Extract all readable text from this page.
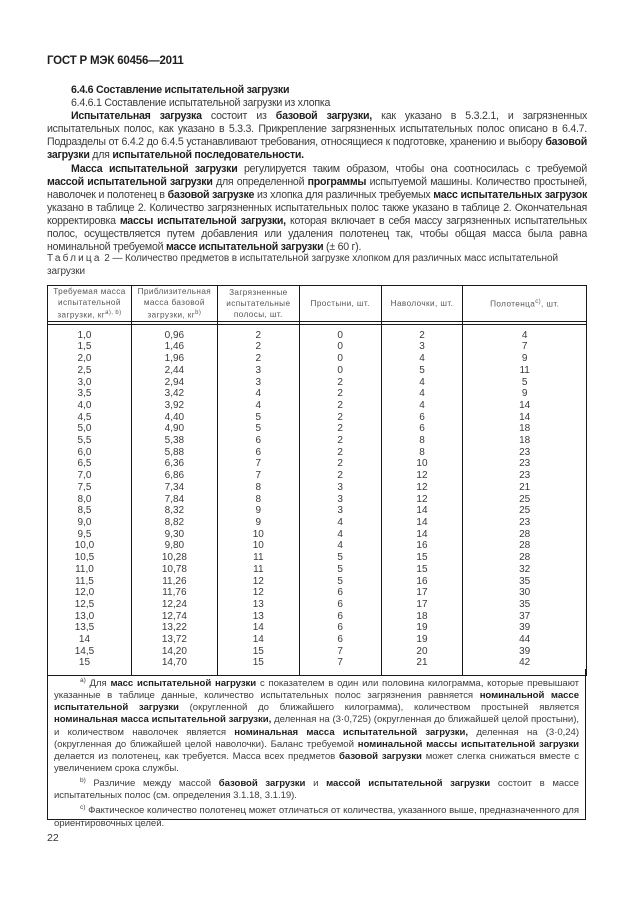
ГОСТ Р МЭК 60456—2011

6.4.6 Составление испытательной загрузки

6.4.6.1 Составление испытательной загрузки из хлопка

Испытательная загрузка состоит из базовой загрузки, как указано в 5.3.2.1, и загрязненных испытательных полос, как указано в 5.3.3. Прикрепление загрязненных испытательных полос описано в 6.4.7. Подразделы от 6.4.2 до 6.4.5 устанавливают требования, относящиеся к подготовке, хранению и выбору базовой загрузки для испытательной последовательности.

Масса испытательной загрузки регулируется таким образом, чтобы она соотносилась с требуемой массой испытательной загрузки для определенной программы испытуемой машины. Количество простыней, наволочек и полотенец в базовой загрузке из хлопка для различных требуемых масс испытательных загрузок указано в таблице 2. Количество загрязненных испытательных полос также указано в таблице 2. Окончательная корректировка массы испытательной загрузки, которая включает в себя массу загрязненных испытательных полос, осуществляется путем добавления или удаления полотенец так, чтобы общая масса была равна номинальной требуемой массе испытательной загрузки (± 60 г).

Таблица 2 — Количество предметов в испытательной загрузке хлопком для различных масс испытательной загрузки
Требуемая масса испытательной загрузки, $кг^{a), b)}$	Приблизительная масса базовой загрузки, $кг^{b)}$	Загрязненные испытательные полосы, шт.	Простыни, шт.	Наволочки, шт.	Полотенца$^{c)}$, шт.

1,0	0,96	2	0	2	4
1,5	1,46	2	0	3	7
2,0	1,96	2	0	4	9
2,5	2,44	3	0	5	11
3,0	2,94	3	2	4	5
3,5	3,42	4	2	4	9
4,0	3,92	4	2	4	14
4,5	4,40	5	2	6	14
5,0	4,90	5	2	6	18
5,5	5,38	6	2	8	18
6,0	5,88	6	2	8	23
6,5	6,36	7	2	10	23
7,0	6,86	7	2	12	23
7,5	7,34	8	3	12	21
8,0	7,84	8	3	12	25
8,5	8,32	9	3	14	25
9,0	8,82	9	4	14	23
9,5	9,30	10	4	14	28
10,0	9,80	10	4	16	28
10,5	10,28	11	5	15	28
11,0	10,78	11	5	15	32
11,5	11,26	12	5	16	35
12,0	11,76	12	6	17	30
12,5	12,24	13	6	17	35
13,0	12,74	13	6	18	37
13,5	13,22	14	6	19	39
14	13,72	14	6	19	44
14,5	14,20	15	7	20	39
15	14,70	15	7	21	42

$^{a)}$ Для масс испытательной нагрузки с показателем в один или половина килограмма, которые превышают указанные в таблице данные, количество испытательных полос загрязнения равняется номинальной массе испытательной загрузки (округленной до ближайшего килограмма), количеством простыней является номинальная масса испытательной загрузки, деленная на (3·0,725) (округленная до ближайшей целой простыни), и количеством наволочек является номинальная масса испытательной загрузки, деленная на (3·0,24) (округленная до ближайшей целой наволочки). Баланс требуемой номинальной массы испытательной загрузки делается из полотенец, как требуется. Масса всех предметов базовой загрузки может слегка снижаться вместе с увеличением срока службы.

$^{b)}$ Различие между массой базовой загрузки и массой испытательной загрузки состоит в массе испытательных полос (см. определения 3.1.18, 3.1.19).

$^{c)}$ Фактическое количество полотенец может отличаться от количества, указанного выше, предназначенного для ориентировочных целей.

22
